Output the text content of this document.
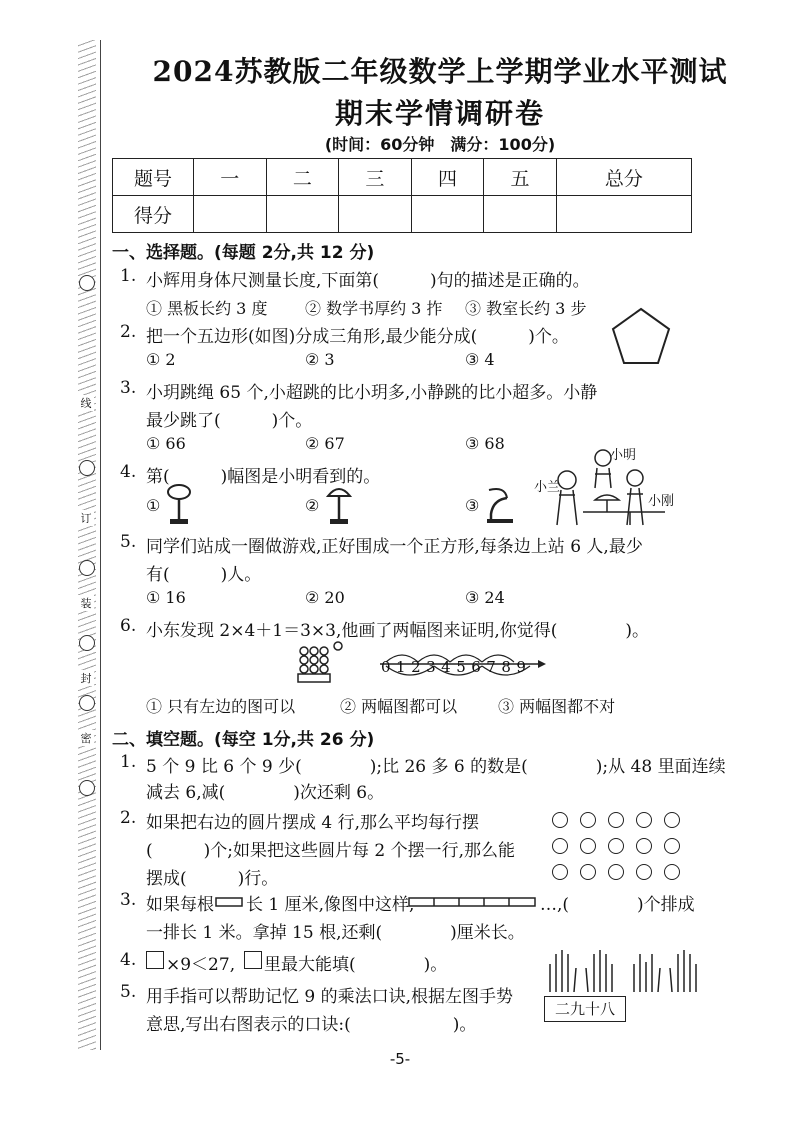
线
订
装
封
密
2024苏教版二年级数学上学期学业水平测试
期末学情调研卷
(时间：60分钟　满分：100分)
题号	一	二	三	四	五	总分
得分						
一、选择题。(每题 2分,共 12 分)
1. 小辉用身体尺测量长度,下面第(　　　)句的描述是正确的。
① 黑板长约 3 度 ② 数学书厚约 3 拃 ③ 教室长约 3 步
2. 把一个五边形(如图)分成三角形,最少能分成(　　　)个。
① 2	② 3	③ 4
3. 小玥跳绳 65 个,小超跳的比小玥多,小静跳的比小超多。小静
最少跳了(　　　)个。
① 66	② 67	③ 68
4. 第(　　　)幅图是小明看到的。
①	②	③
小明
小兰
小刚
5. 同学们站成一圈做游戏,正好围成一个正方形,每条边上站 6 人,最少
有(　　　)人。
① 16	② 20	③ 24
6. 小东发现 2×4＋1＝3×3,他画了两幅图来证明,你觉得(　　　　)。
0123456789
① 只有左边的图可以	② 两幅图都可以	③ 两幅图都不对
二、填空题。(每空 1分,共 26 分)
1. 5 个 9 比 6 个 9 少(　　　　);比 26 多 6 的数是(　　　　);从 48 里面连续
减去 6,减(　　　　)次还剩 6。
2. 如果把右边的圆片摆成 4 行,那么平均每行摆
(　　　)个;如果把这些圆片每 2 个摆一行,那么能
摆成(　　　)行。
3. 如果每根 长 1 厘米,像图中这样,	…,(　　　　)个排成
一排长 1 米。拿掉 15 根,还剩(　　　　)厘米长。
4. ×9＜27, 里最大能填(　　　　)。
5. 用手指可以帮助记忆 9 的乘法口诀,根据左图手势
意思,写出右图表示的口诀:(　　　　　　)。
二九十八
-5-
